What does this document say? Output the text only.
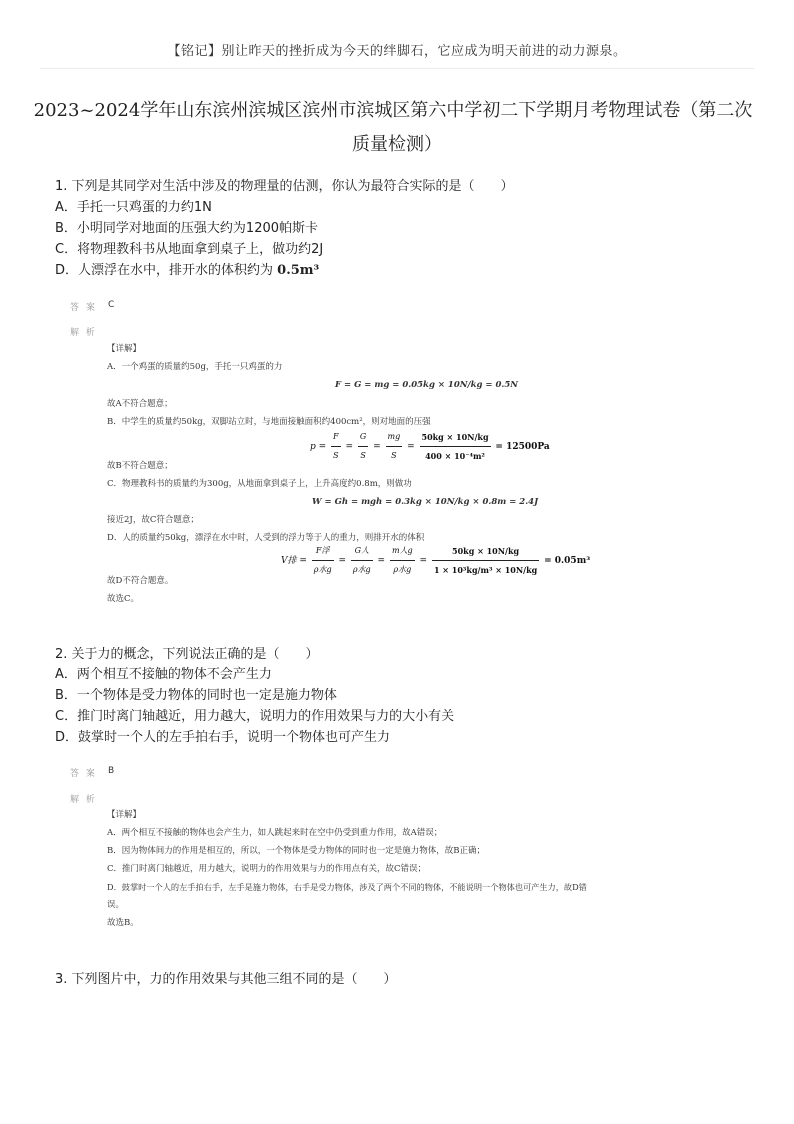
【铭记】别让昨天的挫折成为今天的绊脚石，它应成为明天前进的动力源泉。
2023~2024学年山东滨州滨城区滨州市滨城区第六中学初二下学期月考物理试卷（第二次
质量检测）
1. 下列是其同学对生活中涉及的物理量的估测，你认为最符合实际的是（　　）
A．手托一只鸡蛋的力约1N
B．小明同学对地面的压强大约为1200帕斯卡
C．将物理教科书从地面拿到桌子上，做功约2J
D．人漂浮在水中，排开水的体积约为 0.5m³
答 案 C
解 析
【详解】
A．一个鸡蛋的质量约50g，手托一只鸡蛋的力
F = G = mg = 0.05kg × 10N/kg = 0.5N
故A不符合题意；
B．中学生的质量约50kg，双脚站立时，与地面接触面积约400cm²，则对地面的压强
$p = \frac{F}{S} = \frac{G}{S} = \frac{mg}{S} = \frac{50kg \times 10N/kg}{\text{400 × 10⁻⁴m²}} = 12500Pa$
故B不符合题意；
C．物理教科书的质量约为300g，从地面拿到桌子上，上升高度约0.8m，则做功
W = Gh = mgh = 0.3kg × 10N/kg × 0.8m = 2.4J
接近2J，故C符合题意；
D．人的质量约50kg，漂浮在水中时，人受到的浮力等于人的重力，则排开水的体积
V排 = $\frac{\text{F浮}}{\text{ρ水g}} = \frac{\text{G人}}{\text{ρ水g}} = \frac{\text{m人g}}{\text{ρ水g}} = \frac{50kg \times 10N/kg}{\text{1 × 10³kg/m³ × 10N/kg}} = 0.05m^3$
故D不符合题意。
故选C。
2. 关于力的概念，下列说法正确的是（　　）
A．两个相互不接触的物体不会产生力
B．一个物体是受力物体的同时也一定是施力物体
C．推门时离门轴越近，用力越大，说明力的作用效果与力的大小有关
D．鼓掌时一个人的左手拍右手，说明一个物体也可产生力
答 案 B
解 析
【详解】
A．两个相互不接触的物体也会产生力，如人跳起来时在空中仍受到重力作用，故A错误；
B．因为物体间力的作用是相互的，所以，一个物体是受力物体的同时也一定是施力物体，故B正确；
C．推门时离门轴越近，用力越大，说明力的作用效果与力的作用点有关，故C错误；
D．鼓掌时一个人的左手拍右手，左手是施力物体，右手是受力物体，涉及了两个不同的物体，不能说明一个物体也可产生力，故D错
误。
故选B。
3. 下列图片中，力的作用效果与其他三组不同的是（　　）
